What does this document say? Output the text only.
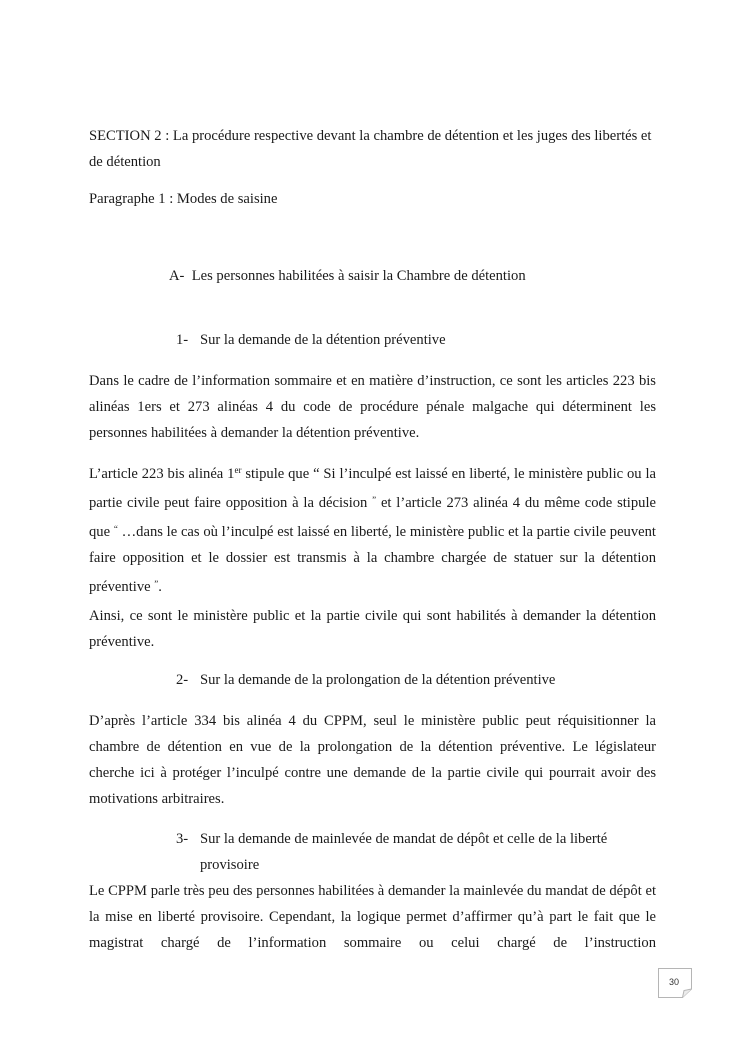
SECTION 2 : La procédure respective devant la chambre de détention et les juges des libertés et de détention

Paragraphe 1 : Modes de saisine

A- Les personnes habilitées à saisir la Chambre de détention
1- Sur la demande de la détention préventive

Dans le cadre de l’information sommaire et en matière d’instruction, ce sont les articles 223 bis alinéas 1ers et 273 alinéas 4 du code de procédure pénale malgache qui déterminent les personnes habilitées à demander la détention préventive.

L’article 223 bis alinéa 1er stipule que “ Si l’inculpé est laissé en liberté, le ministère public ou la partie civile peut faire opposition à la décision ” et l’article 273 alinéa 4 du même code stipule que “ …dans le cas où l’inculpé est laissé en liberté, le ministère public et la partie civile peuvent faire opposition et le dossier est transmis à la chambre chargée de statuer sur la détention préventive ”.

Ainsi, ce sont le ministère public et la partie civile qui sont habilités à demander la détention préventive.

2- Sur la demande de la prolongation de la détention préventive

D’après l’article 334 bis alinéa 4 du CPPM, seul le ministère public peut réquisitionner la chambre de détention en vue de la prolongation de la détention préventive. Le législateur cherche ici à protéger l’inculpé contre une demande de la partie civile qui pourrait avoir des motivations arbitraires.

3- Sur la demande de mainlevée de mandat de dépôt et celle de la liberté provisoire

Le CPPM parle très peu des personnes habilitées à demander la mainlevée du mandat de dépôt et la mise en liberté provisoire. Cependant, la logique permet d’affirmer qu’à part le fait que le magistrat chargé de l’information sommaire ou celui chargé de l’instruction

30
